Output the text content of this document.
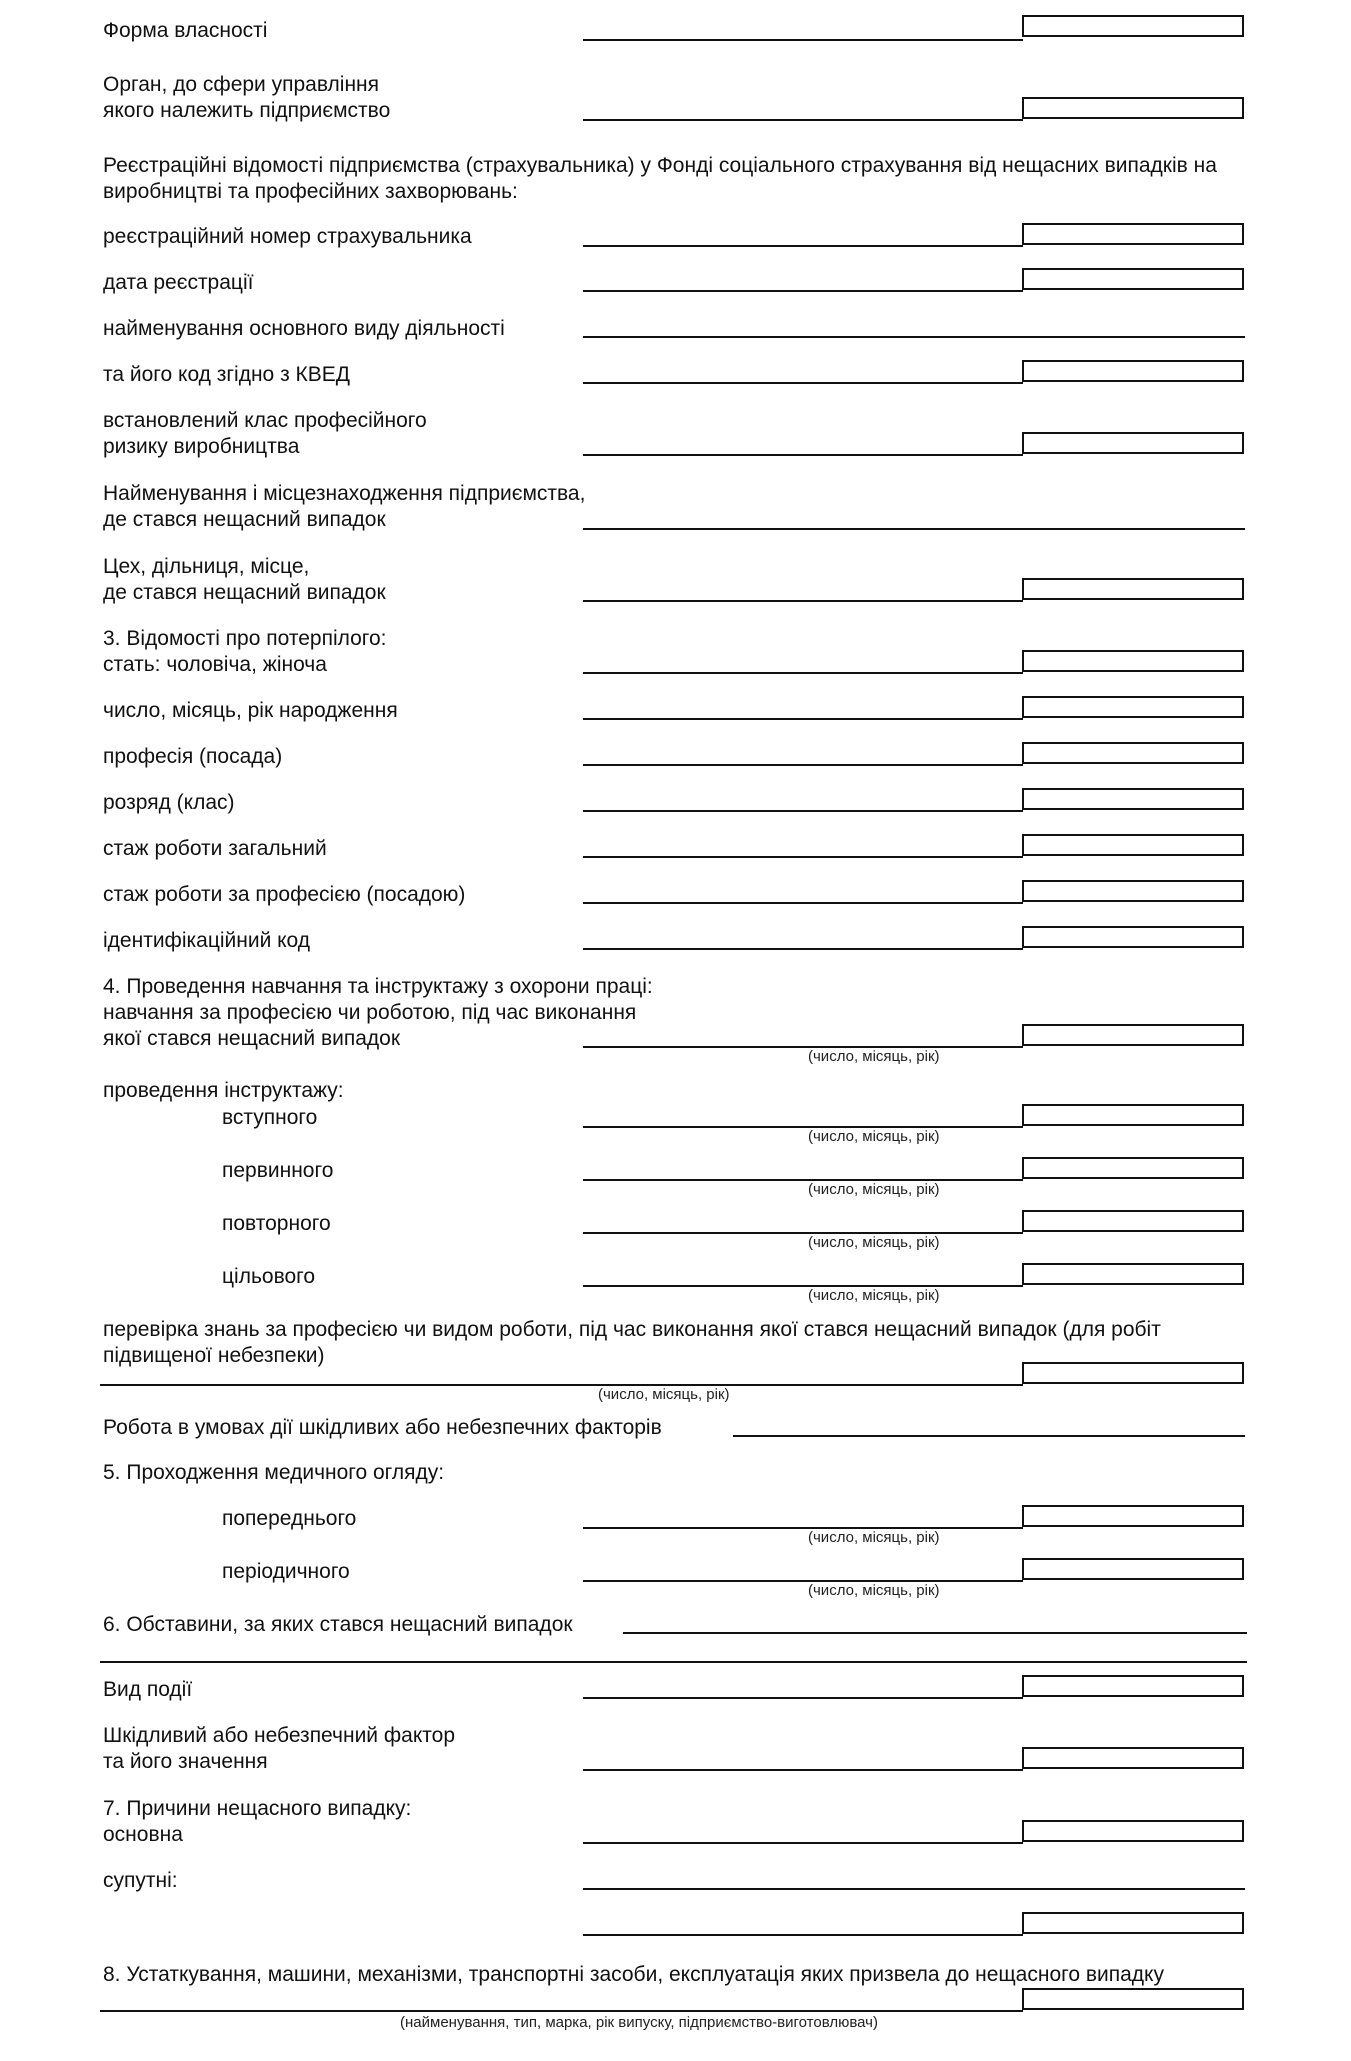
Форма власності
Орган, до сфери управління
якого належить підприємство
Реєстраційні відомості підприємства (страхувальника) у Фонді соціального страхування від нещасних випадків на виробництві та професійних захворювань:
реєстраційний номер страхувальника
дата реєстрації
найменування основного виду діяльності
та його код згідно з КВЕД
встановлений клас професійного
ризику виробництва
Найменування і місцезнаходження підприємства,
де стався нещасний випадок
Цех, дільниця, місце,
де стався нещасний випадок
3. Відомості про потерпілого:
стать: чоловіча, жіноча
число, місяць, рік народження
професія (посада)
розряд (клас)
стаж роботи загальний
стаж роботи за професією (посадою)
ідентифікаційний код
4. Проведення навчання та інструктажу з охорони праці:
навчання за професією чи роботою, під час виконання
якої стався нещасний випадок
(число, місяць, рік)
проведення інструктажу:
вступного
(число, місяць, рік)
первинного
(число, місяць, рік)
повторного
(число, місяць, рік)
цільового
(число, місяць, рік)
перевірка знань за професією чи видом роботи, під час виконання якої стався нещасний випадок (для робіт підвищеної небезпеки)
(число, місяць, рік)
Робота в умовах дії шкідливих або небезпечних факторів
5. Проходження медичного огляду:
попереднього
(число, місяць, рік)
періодичного
(число, місяць, рік)
6. Обставини, за яких стався нещасний випадок
Вид події
Шкідливий або небезпечний фактор
та його значення
7. Причини нещасного випадку:
основна
супутні:
8. Устаткування, машини, механізми, транспортні засоби, експлуатація яких призвела до нещасного випадку
(найменування, тип, марка, рік випуску, підприємство-виготовлювач)
